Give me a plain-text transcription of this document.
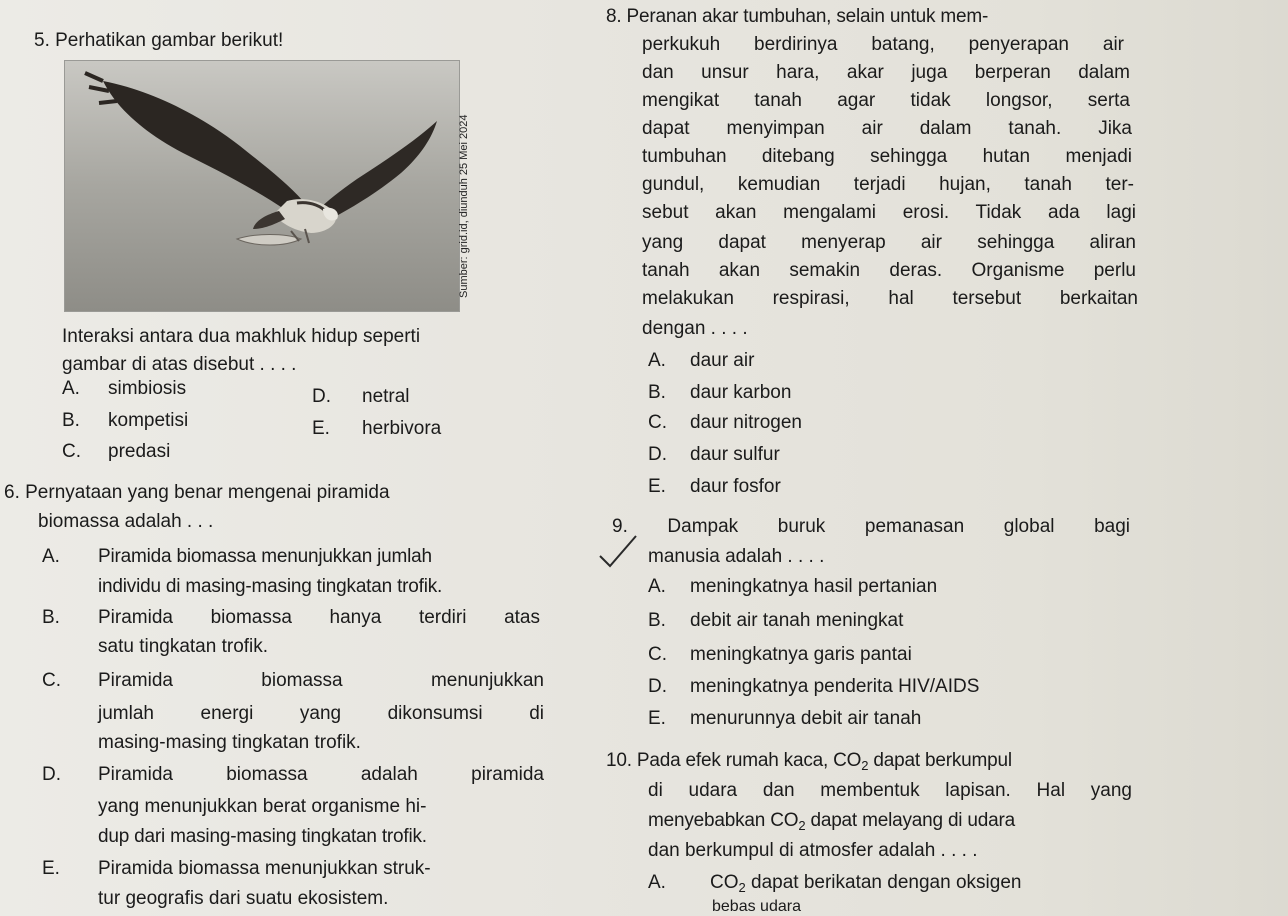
5. Perhatikan gambar berikut!
Sumber: grid.id, diunduh 25 Mei 2024
Interaksi antara dua makhluk hidup seperti
gambar di atas disebut . . . .
A. simbiosis
B. kompetisi
C. predasi
D. netral
E. herbivora
6. Pernyataan yang benar mengenai piramida
biomassa adalah . . .
A. Piramida biomassa menunjukkan jumlah
individu di masing-masing tingkatan trofik.
B. Piramida biomassa hanya terdiri atas
satu tingkatan trofik.
C. Piramida biomassa menunjukkan
jumlah energi yang dikonsumsi di
masing-masing tingkatan trofik.
D. Piramida biomassa adalah piramida
yang menunjukkan berat organisme hi-
dup dari masing-masing tingkatan trofik.
E. Piramida biomassa menunjukkan struk-
tur geografis dari suatu ekosistem.
8. Peranan akar tumbuhan, selain untuk mem-
perkukuh berdirinya batang, penyerapan air
dan unsur hara, akar juga berperan dalam
mengikat tanah agar tidak longsor, serta
dapat menyimpan air dalam tanah. Jika
tumbuhan ditebang sehingga hutan menjadi
gundul, kemudian terjadi hujan, tanah ter-
sebut akan mengalami erosi. Tidak ada lagi
yang dapat menyerap air sehingga aliran
tanah akan semakin deras. Organisme perlu
melakukan respirasi, hal tersebut berkaitan
dengan . . . .
A. daur air
B. daur karbon
C. daur nitrogen
D. daur sulfur
E. daur fosfor
9. Dampak buruk pemanasan global bagi
manusia adalah . . . .
A. meningkatnya hasil pertanian
B. debit air tanah meningkat
C. meningkatnya garis pantai
D. meningkatnya penderita HIV/AIDS
E. menurunnya debit air tanah
10. Pada efek rumah kaca, $CO_2$ dapat berkumpul
di udara dan membentuk lapisan. Hal yang
menyebabkan $CO_2$ dapat melayang di udara
dan berkumpul di atmosfer adalah . . . .
A. $CO_2$ dapat berikatan dengan oksigen
bebas udara
